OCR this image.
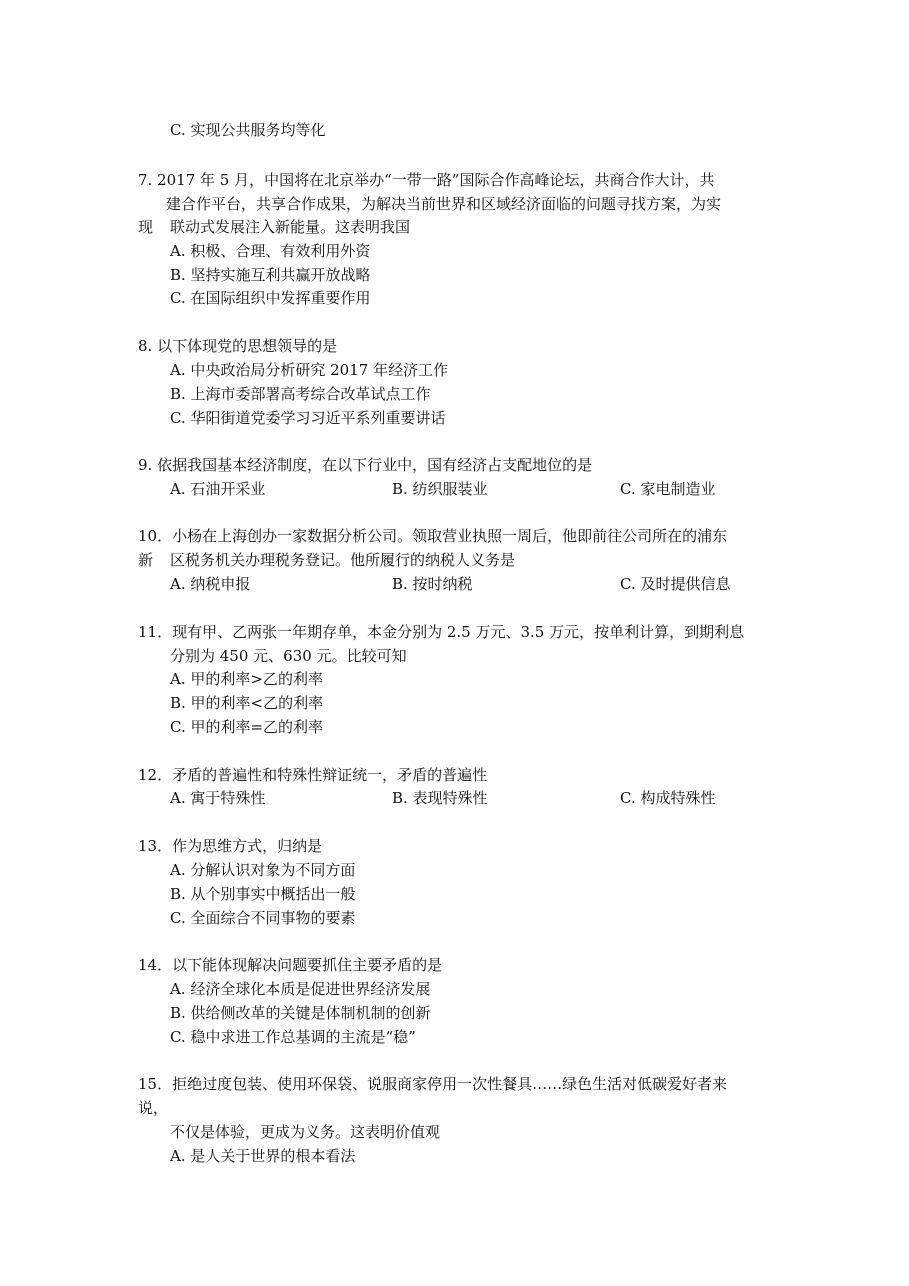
C. 实现公共服务均等化
7. 2017 年 5 月，中国将在北京举办“一带一路”国际合作高峰论坛，共商合作大计，共
建合作平台，共享合作成果，为解决当前世界和区域经济面临的问题寻找方案，为实
现 联动式发展注入新能量。这表明我国
A. 积极、合理、有效利用外资
B. 坚持实施互利共赢开放战略
C. 在国际组织中发挥重要作用
8. 以下体现党的思想领导的是
A. 中央政治局分析研究 2017 年经济工作
B. 上海市委部署高考综合改革试点工作
C. 华阳街道党委学习习近平系列重要讲话
9. 依据我国基本经济制度，在以下行业中，国有经济占支配地位的是
A. 石油开采业	B. 纺织服装业	C. 家电制造业
10．小杨在上海创办一家数据分析公司。领取营业执照一周后，他即前往公司所在的浦东
新 区税务机关办理税务登记。他所履行的纳税人义务是
A. 纳税申报	B. 按时纳税	C. 及时提供信息
11．现有甲、乙两张一年期存单，本金分别为 2.5 万元、3.5 万元，按单利计算，到期利息
分别为 450 元、630 元。比较可知
A. 甲的利率>乙的利率
B. 甲的利率<乙的利率
C. 甲的利率=乙的利率
12．矛盾的普遍性和特殊性辩证统一，矛盾的普遍性
A. 寓于特殊性	B. 表现特殊性	C. 构成特殊性
13．作为思维方式，归纳是
A. 分解认识对象为不同方面
B. 从个别事实中概括出一般
C. 全面综合不同事物的要素
14．以下能体现解决问题要抓住主要矛盾的是
A. 经济全球化本质是促进世界经济发展
B. 供给侧改革的关键是体制机制的创新
C. 稳中求进工作总基调的主流是“稳”
15．拒绝过度包装、使用环保袋、说服商家停用一次性餐具……绿色生活对低碳爱好者来
说，
不仅是体验，更成为义务。这表明价值观
A. 是人关于世界的根本看法
